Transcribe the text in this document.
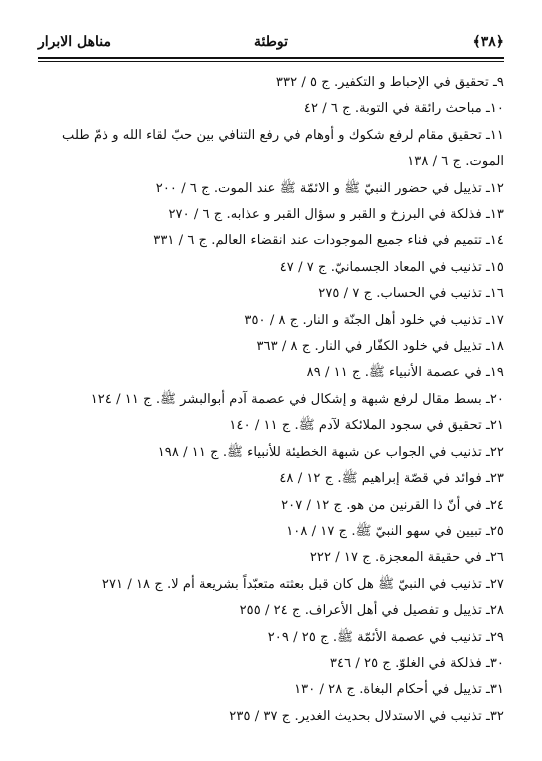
﴿٣٨﴾
توطئة
مناهل الابرار
٩ـ تحقيق في الإحباط و التكفير. ج ٥ / ٣٣٢
١٠ـ مباحث رائقة في التوبة. ج ٦ / ٤٢
١١ـ تحقيق مقام لرفع شكوك و أوهام في رفع التنافي بين حبّ لقاء الله و ذمّ طلب الموت. ج ٦ / ١٣٨
١٢ـ تذييل في حضور النبيّ ﷺ و الائمّة ﷺ عند الموت. ج ٦ / ٢٠٠
١٣ـ فذلكة في البرزخ و القبر و سؤال القبر و عذابه. ج ٦ / ٢٧٠
١٤ـ تتميم في فناء جميع الموجودات عند انقضاء العالم. ج ٦ / ٣٣١
١٥ـ تذنيب في المعاد الجسمانيّ. ج ٧ / ٤٧
١٦ـ تذنيب في الحساب. ج ٧ / ٢٧٥
١٧ـ تذنيب في خلود أهل الجنّة و النار. ج ٨ / ٣٥٠
١٨ـ تذييل في خلود الكفّار في النار. ج ٨ / ٣٦٣
١٩ـ في عصمة الأنبياء ﷺ. ج ١١ / ٨٩
٢٠ـ بسط مقال لرفع شبهة و إشكال في عصمة آدم أبوالبشر ﷺ. ج ١١ / ١٢٤
٢١ـ تحقيق في سجود الملائكة لآدم ﷺ. ج ١١ / ١٤٠
٢٢ـ تذنيب في الجواب عن شبهة الخطيئة للأنبياء ﷺ. ج ١١ / ١٩٨
٢٣ـ فوائد في قصّة إبراهيم ﷺ. ج ١٢ / ٤٨
٢٤ـ في أنّ ذا القرنين من هو. ج ١٢ / ٢٠٧
٢٥ـ تبيين في سهو النبيّ ﷺ. ج ١٧ / ١٠٨
٢٦ـ في حقيقة المعجزة. ج ١٧ / ٢٢٢
٢٧ـ تذنيب في النبيّ ﷺ هل كان قبل بعثته متعبّداً بشريعة أم لا. ج ١٨ / ٢٧١
٢٨ـ تذييل و تفصيل في أهل الأعراف. ج ٢٤ / ٢٥٥
٢٩ـ تذنيب في عصمة الأئمّة ﷺ. ج ٢٥ / ٢٠٩
٣٠ـ فذلكة في الغلوّ. ج ٢٥ / ٣٤٦
٣١ـ تذييل في أحكام البغاة. ج ٢٨ / ١٣٠
٣٢ـ تذنيب في الاستدلال بحديث الغدير. ج ٣٧ / ٢٣٥
